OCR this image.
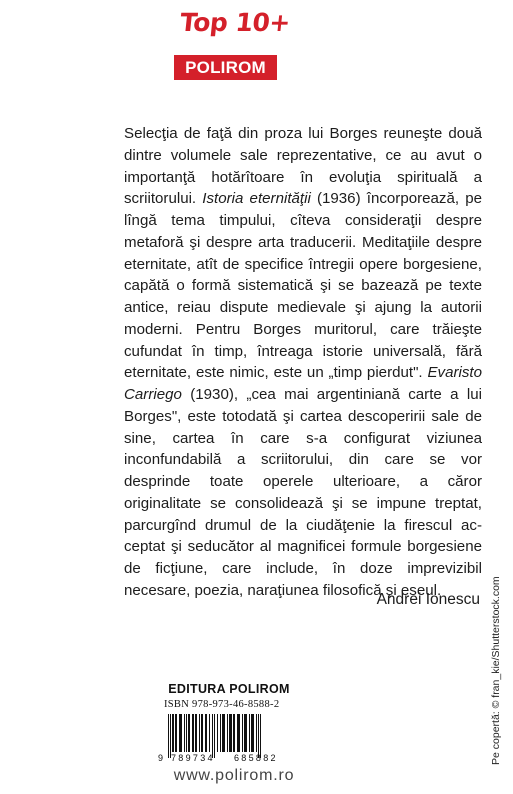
Top 10+
POLIROM

Selecţia de faţă din proza lui Borges reuneşte două dintre volumele sale reprezentative, ce au avut o importanţă hotărîtoare în evoluţia spirituală a scriitorului. Istoria eternităţii (1936) încorporează, pe lîngă tema timpului, cîteva consideraţii despre metaforă şi despre arta traducerii. Meditaţiile despre eternitate, atît de specifice întregii opere borgesiene, capătă o formă sistematică şi se bazează pe texte antice, reiau dispute medievale şi ajung la autorii moderni. Pentru Borges muritorul, care trăieşte cufundat în timp, întreaga istorie universală, fără eternitate, este nimic, este un „timp pierdut". Evaristo Carriego (1930), „cea mai argentiniană carte a lui Borges", este totodată şi cartea descoperirii sale de sine, cartea în care s-a configurat viziunea inconfundabilă a scriitorului, din care se vor desprinde toate operele ulterioare, a căror originalitate se consolidează şi se impune treptat, parcurgînd drumul de la ciudăţenie la firescul acceptat şi seducător al magnificei formule borgesiene de ficţiune, care include, în doze imprevizibil necesare, poezia, naraţiunea filosofică şi eseul.

Andrei Ionescu
EDITURA POLIROM
ISBN 978-973-46-8588-2
9 789734 685882
www.polirom.ro
Pe copertă: © fran_kie/Shutterstock.com
